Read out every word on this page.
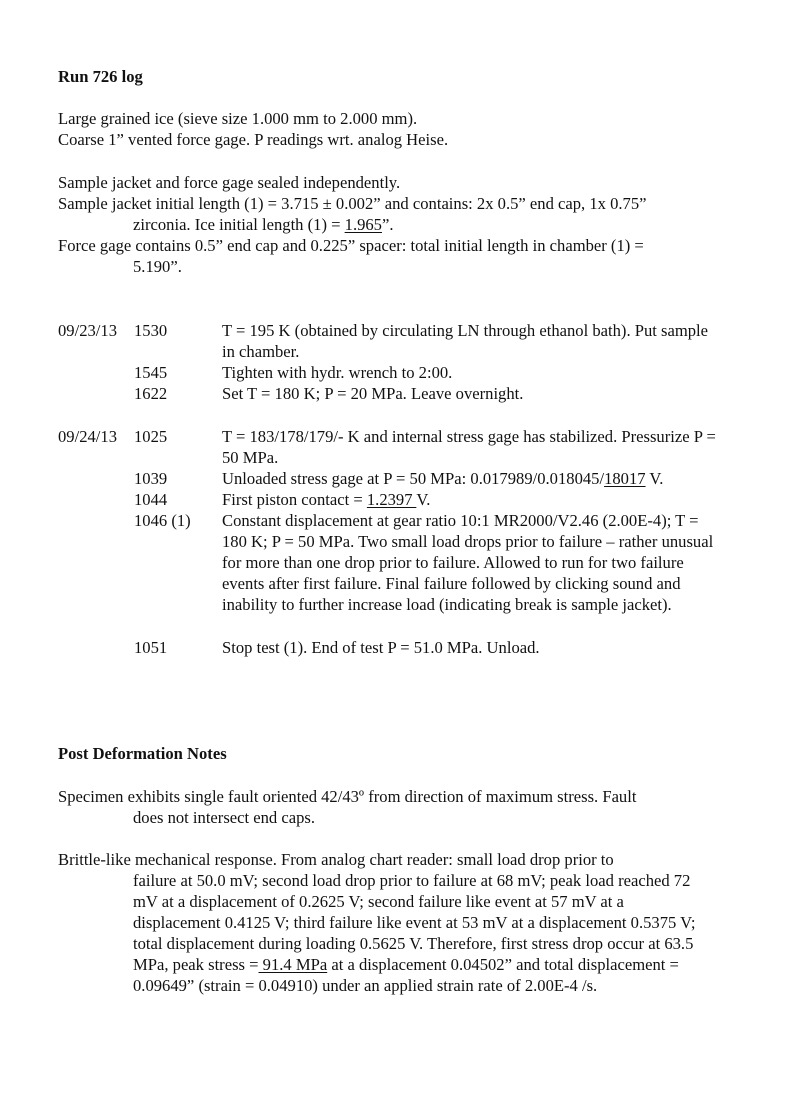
Run 726 log
Large grained ice (sieve size 1.000 mm to 2.000 mm).
Coarse 1” vented force gage. P readings wrt. analog Heise.
Sample jacket and force gage sealed independently.
Sample jacket initial length (1) = 3.715 ± 0.002” and contains: 2x 0.5” end cap, 1x 0.75”
zirconia. Ice initial length (1) = 1.965”.
Force gage contains 0.5” end cap and 0.225” spacer: total initial length in chamber (1) =
5.190”.
09/23/13 1530	T = 195 K (obtained by circulating LN through ethanol bath). Put sample in chamber.
1545	Tighten with hydr. wrench to 2:00.
1622	Set T = 180 K; P = 20 MPa. Leave overnight.
09/24/13 1025	T = 183/178/179/- K and internal stress gage has stabilized. Pressurize P = 50 MPa.
1039	Unloaded stress gage at P = 50 MPa: 0.017989/0.018045/18017 V.
1044	First piston contact = 1.2397 V.
1046 (1) Constant displacement at gear ratio 10:1 MR2000/V2.46 (2.00E-4); T = 180 K; P = 50 MPa. Two small load drops prior to failure – rather unusual for more than one drop prior to failure. Allowed to run for two failure events after first failure. Final failure followed by clicking sound and inability to further increase load (indicating break is sample jacket).
1051	Stop test (1). End of test P = 51.0 MPa. Unload.
Post Deformation Notes
Specimen exhibits single fault oriented 42/43º from direction of maximum stress. Fault
does not intersect end caps.
Brittle-like mechanical response. From analog chart reader: small load drop prior to
failure at 50.0 mV; second load drop prior to failure at 68 mV; peak load reached 72 mV at a displacement of 0.2625 V; second failure like event at 57 mV at a displacement 0.4125 V; third failure like event at 53 mV at a displacement 0.5375 V; total displacement during loading 0.5625 V. Therefore, first stress drop occur at 63.5 MPa, peak stress = 91.4 MPa at a displacement 0.04502” and total displacement = 0.09649” (strain = 0.04910) under an applied strain rate of 2.00E-4 /s.
